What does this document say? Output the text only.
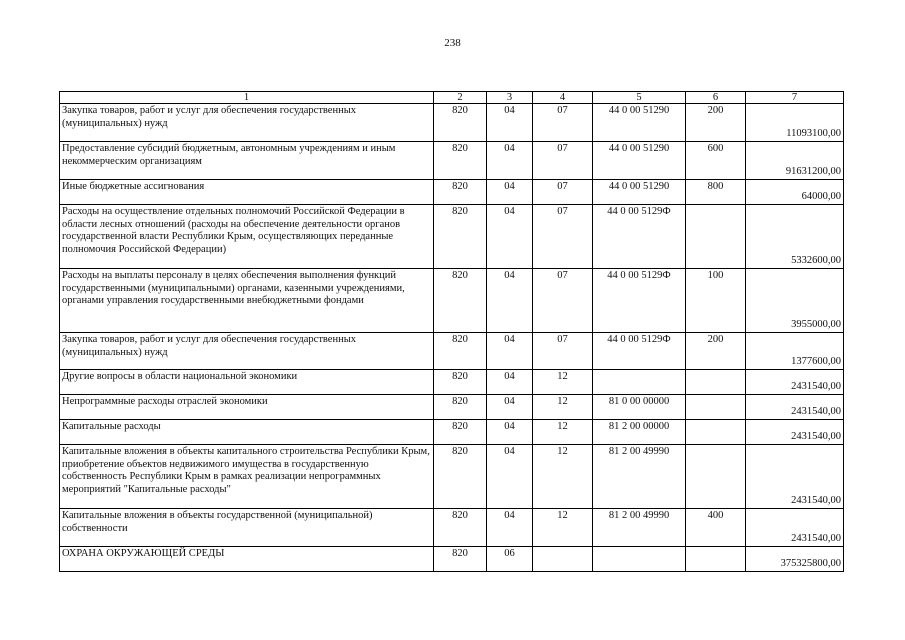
238
1	2	3	4	5	6	7
Закупка товаров, работ и услуг для обеспечения государственных (муниципальных) нужд	820	04	07	44 0 00 51290	200	11093100,00
Предоставление субсидий бюджетным, автономным учреждениям и иным некоммерческим организациям	820	04	07	44 0 00 51290	600	91631200,00
Иные бюджетные ассигнования	820	04	07	44 0 00 51290	800	64000,00
Расходы на осуществление отдельных полномочий Российской Федерации в области лесных отношений (расходы на обеспечение деятельности органов государственной власти Республики Крым, осуществляющих переданные полномочия Российской Федерации)	820	04	07	44 0 00 5129Ф		5332600,00
Расходы на выплаты персоналу в целях обеспечения выполнения функций государственными (муниципальными) органами, казенными учреждениями, органами управления государственными внебюджетными фондами	820	04	07	44 0 00 5129Ф	100	3955000,00
Закупка товаров, работ и услуг для обеспечения государственных (муниципальных) нужд	820	04	07	44 0 00 5129Ф	200	1377600,00
Другие вопросы в области национальной экономики	820	04	12			2431540,00
Непрограммные расходы отраслей экономики	820	04	12	81 0 00 00000		2431540,00
Капитальные расходы	820	04	12	81 2 00 00000		2431540,00
Капитальные вложения в объекты капитального строительства Республики Крым, приобретение объектов недвижимого имущества в государственную собственность Республики Крым в рамках реализации непрограммных мероприятий "Капитальные расходы"	820	04	12	81 2 00 49990		2431540,00
Капитальные вложения в объекты государственной (муниципальной) собственности	820	04	12	81 2 00 49990	400	2431540,00
ОХРАНА ОКРУЖАЮЩЕЙ СРЕДЫ	820	06				375325800,00
